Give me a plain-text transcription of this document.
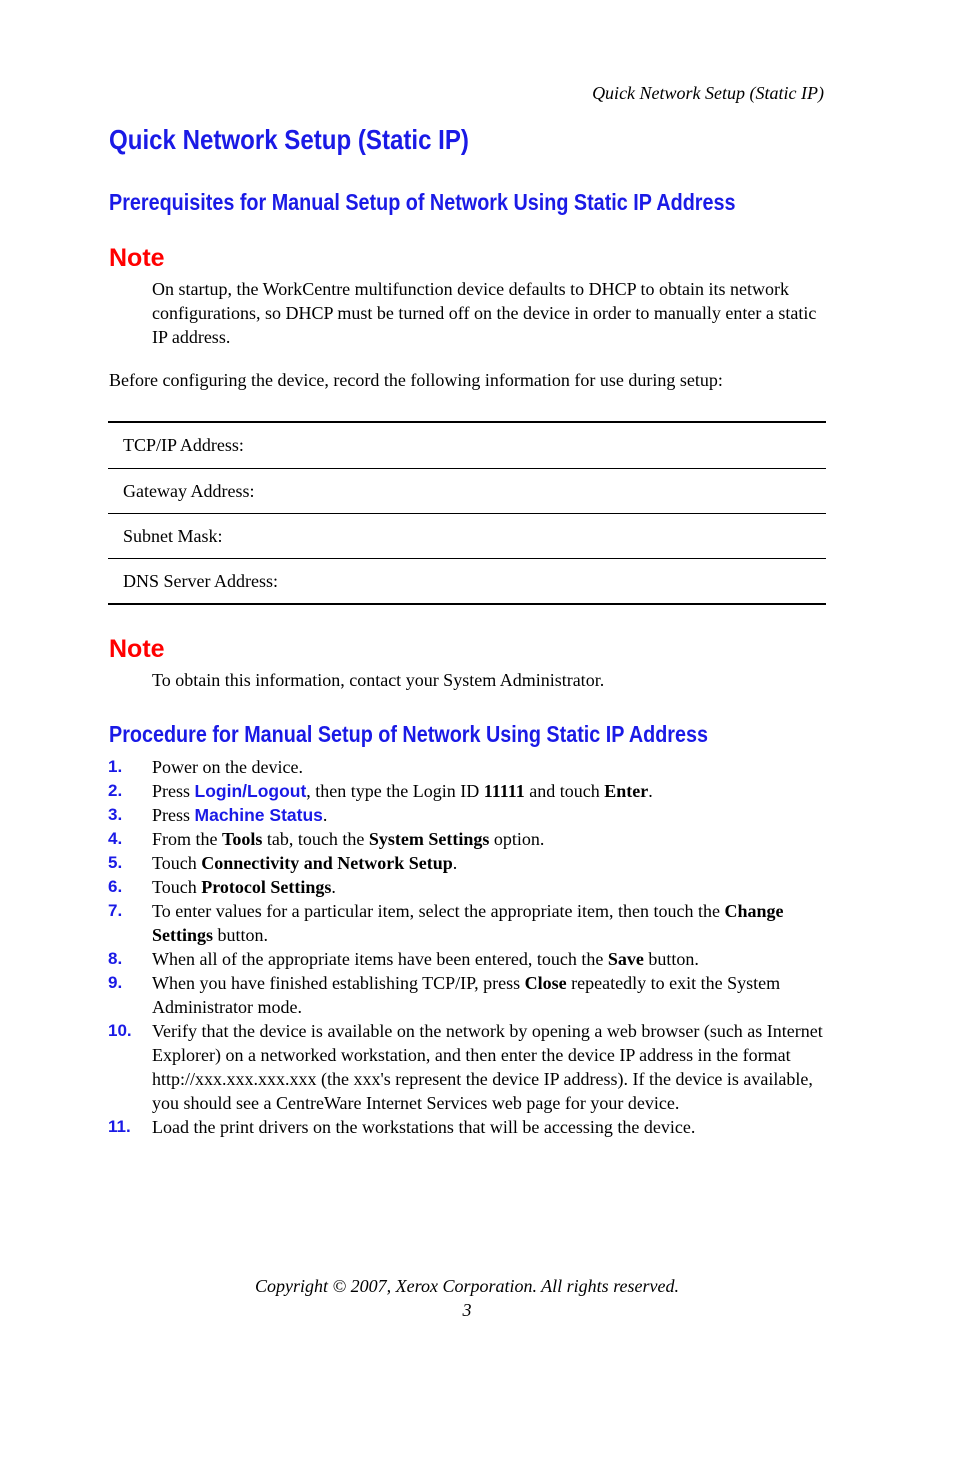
Quick Network Setup (Static IP)
Quick Network Setup (Static IP)
Prerequisites for Manual Setup of Network Using Static IP Address
Note

On startup, the WorkCentre multifunction device defaults to DHCP to obtain its network configurations, so DHCP must be turned off on the device in order to manually enter a static IP address.

Before configuring the device, record the following information for use during setup:

TCP/IP Address:
Gateway Address:
Subnet Mask:
DNS Server Address:
Note

To obtain this information, contact your System Administrator.

Procedure for Manual Setup of Network Using Static IP Address
1. Power on the device.
2. Press Login/Logout, then type the Login ID 11111 and touch Enter.
3. Press Machine Status.
4. From the Tools tab, touch the System Settings option.
5. Touch Connectivity and Network Setup.
6. Touch Protocol Settings.
7. To enter values for a particular item, select the appropriate item, then touch the Change Settings button.
8. When all of the appropriate items have been entered, touch the Save button.
9. When you have finished establishing TCP/IP, press Close repeatedly to exit the System Administrator mode.
10. Verify that the device is available on the network by opening a web browser (such as Internet Explorer) on a networked workstation, and then enter the device IP address in the format http://xxx.xxx.xxx.xxx (the xxx's represent the device IP address). If the device is available, you should see a CentreWare Internet Services web page for your device.
11. Load the print drivers on the workstations that will be accessing the device.
Copyright © 2007, Xerox Corporation. All rights reserved.
3
